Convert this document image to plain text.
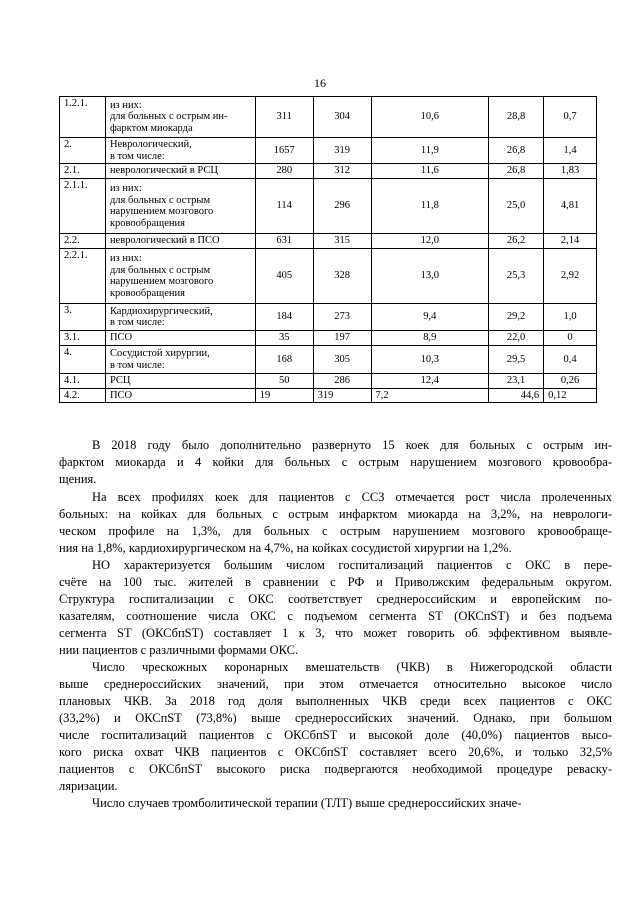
16
1.2.1.	из них:
для больных с острым ин-
фарктом миокарда	311	304	10,6	28,8	0,7
2.	Неврологический,
в том числе:	1657	319	11,9	26,8	1,4
2.1.	неврологический в РСЦ	280	312	11,6	26,8	1,83
2.1.1.	из них:
для больных с острым
нарушением мозгового
кровообращения	114	296	11,8	25,0	4,81
2.2.	неврологический в ПСО	631	315	12,0	26,2	2,14
2.2.1.	из них:
для больных с острым
нарушением мозгового
кровообращения	405	328	13,0	25,3	2,92
3.	Кардиохирургический,
в том числе:	184	273	9,4	29,2	1,0
3.1.	ПСО	35	197	8,9	22,0	0
4.	Сосудистой хирургии,
в том числе:	168	305	10,3	29,5	0,4
4.1.	РСЦ	50	286	12,4	23,1	0,26
4.2.	ПСО	19	319	7,2	44,6	0,12
В 2018 году было дополнительно развернуто 15 коек для больных с острым ин-
фарктом миокарда и 4 койки для больных с острым нарушением мозгового кровообра-
щения.
На всех профилях коек для пациентов с ССЗ отмечается рост числа пролеченных
больных: на койках для больных с острым инфарктом миокарда на 3,2%, на неврологи-
ческом профиле на 1,3%, для больных с острым нарушением мозгового кровообраще-
ния на 1,8%, кардиохирургическом на 4,7%, на койках сосудистой хирургии на 1,2%.
НО характеризуется большим числом госпитализаций пациентов с ОКС в пере-
счёте на 100 тыс. жителей в сравнении с РФ и Приволжским федеральным округом.
Структура госпитализации с ОКС соответствует среднероссийским и европейским по-
казателям, соотношение числа ОКС с подъемом сегмента ST (ОКСпST) и без подъема
сегмента ST (ОКСбпST) составляет 1 к 3, что может говорить об эффективном выявле-
нии пациентов с различными формами ОКС.
Число чрескожных коронарных вмешательств (ЧКВ) в Нижегородской области
выше среднероссийских значений, при этом отмечается относительно высокое число
плановых ЧКВ. За 2018 год доля выполненных ЧКВ среди всех пациентов с ОКС
(33,2%) и ОКСпST (73,8%) выше среднероссийских значений. Однако, при большом
числе госпитализаций пациентов с ОКСбпST и высокой доле (40,0%) пациентов высо-
кого риска охват ЧКВ пациентов с ОКСбпST составляет всего 20,6%, и только 32,5%
пациентов с ОКСбпST высокого риска подвергаются необходимой процедуре реваску-
ляризации.
Число случаев тромболитической терапии (ТЛТ) выше среднероссийских значе-
